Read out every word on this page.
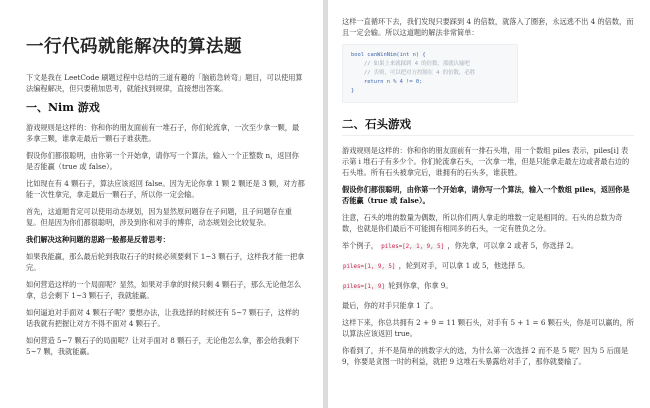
一行代码就能解决的算法题

下文是我在 LeetCode 刷题过程中总结的三道有趣的「脑筋急转弯」题目，可以使用算法编程解决，但只要稍加思考，就能找到规律，直接想出答案。

一、Nim 游戏

游戏规则是这样的：你和你的朋友面前有一堆石子，你们轮流拿，一次至少拿一颗，最多拿三颗，谁拿走最后一颗石子谁获胜。

假设你们都很聪明，由你第一个开始拿，请你写一个算法，输入一个正整数 n，返回你是否能赢（true 或 false）。

比如现在有 4 颗石子，算法应该返回 false。因为无论你拿 1 颗 2 颗还是 3 颗，对方都能一次性拿完，拿走最后一颗石子，所以你一定会输。

首先，这道题肯定可以使用动态规划，因为显然原问题存在子问题，且子问题存在重复。但是因为你们都很聪明，涉及到你和对手的博弈，动态规划会比较复杂。

我们解决这种问题的思路一般都是反着思考：

如果我能赢，那么最后轮到我取石子的时候必须要剩下 1~3 颗石子，这样我才能一把拿完。

如何营造这样的一个局面呢？显然，如果对手拿的时候只剩 4 颗石子，那么无论他怎么拿，总会剩下 1~3 颗石子，我就能赢。

如何逼迫对手面对 4 颗石子呢？要想办法，让我选择的时候还有 5~7 颗石子，这样的话我就有把握让对方不得不面对 4 颗石子。

如何营造 5~7 颗石子的局面呢？让对手面对 8 颗石子，无论他怎么拿，都会给我剩下 5~7 颗，我就能赢。

这样一直循环下去，我们发现只要踩到 4 的倍数，就落入了圈套，永远逃不出 4 的倍数，而且一定会输。所以这道题的解法非常简单：

bool canWinNim(int n) {
// 如果上来就踩到 4 的倍数，那就认输吧
// 否则，可以把对方控制在 4 的倍数，必胜
return n % 4 != 0;
}
二、石头游戏

游戏规则是这样的：你和你的朋友面前有一排石头堆，用一个数组 piles 表示，piles[i] 表示第 i 堆石子有多少个。你们轮流拿石头，一次拿一堆，但是只能拿走最左边或者最右边的石头堆。所有石头被拿完后，谁拥有的石头多，谁获胜。

假设你们都很聪明，由你第一个开始拿，请你写一个算法，输入一个数组 piles，返回你是否能赢（true 或 false）。

注意，石头的堆的数量为偶数，所以你们两人拿走的堆数一定是相同的。石头的总数为奇数，也就是你们最后不可能拥有相同多的石头，一定有胜负之分。

举个例子， piles=[2, 1, 9, 5] ，你先拿，可以拿 2 或者 5，你选择 2。
piles=[1, 9, 5] ，轮到对手，可以拿 1 或 5，他选择 5。
piles=[1, 9] 轮到你拿，你拿 9。

最后，你的对手只能拿 1 了。

这样下来，你总共拥有 2 + 9 = 11 颗石头，对手有 5 + 1 = 6 颗石头，你是可以赢的，所以算法应该返回 true。

你看到了，并不是简单的挑数字大的选，为什么第一次选择 2 而不是 5 呢？因为 5 后面是 9，你要是贪图一时的利益，就把 9 这堆石头暴露给对手了，那你就要输了。
